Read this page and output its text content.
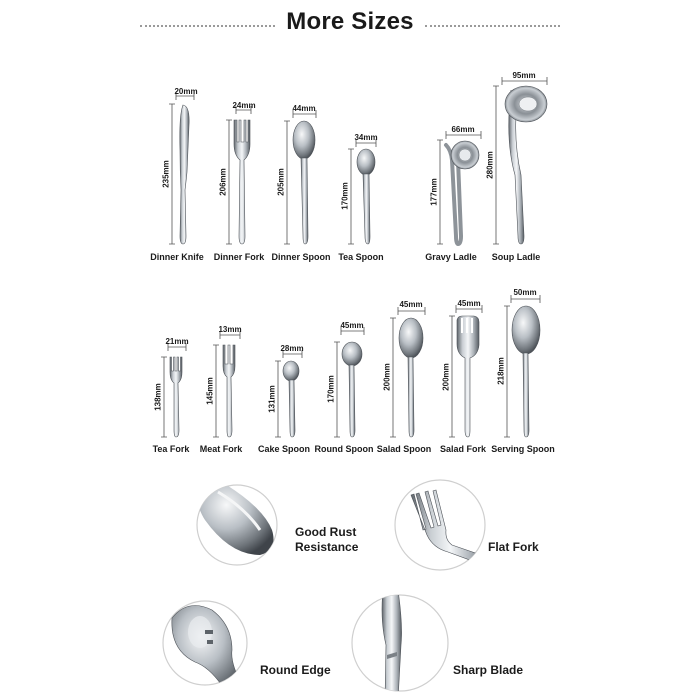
More Sizes
20mm
24mm	44mm
34mm
66mm
95mm
235mm	206mm	205mm
170mm	177mm
280mm
Dinner Knife Dinner Fork Dinner Spoon Tea Spoon	Gravy Ladle Soup Ladle
21mm
13mm
28mm
45mm
45mm	45mm
50mm
138mm	145mm	131mm	170mm	200mm	200mm	218mm
Tea Fork Meat Fork Cake Spoon Round Spoon Salad Spoon Salad Fork Serving Spoon
Good Rust
Resistance	Flat Fork
Round Edge	Sharp Blade
